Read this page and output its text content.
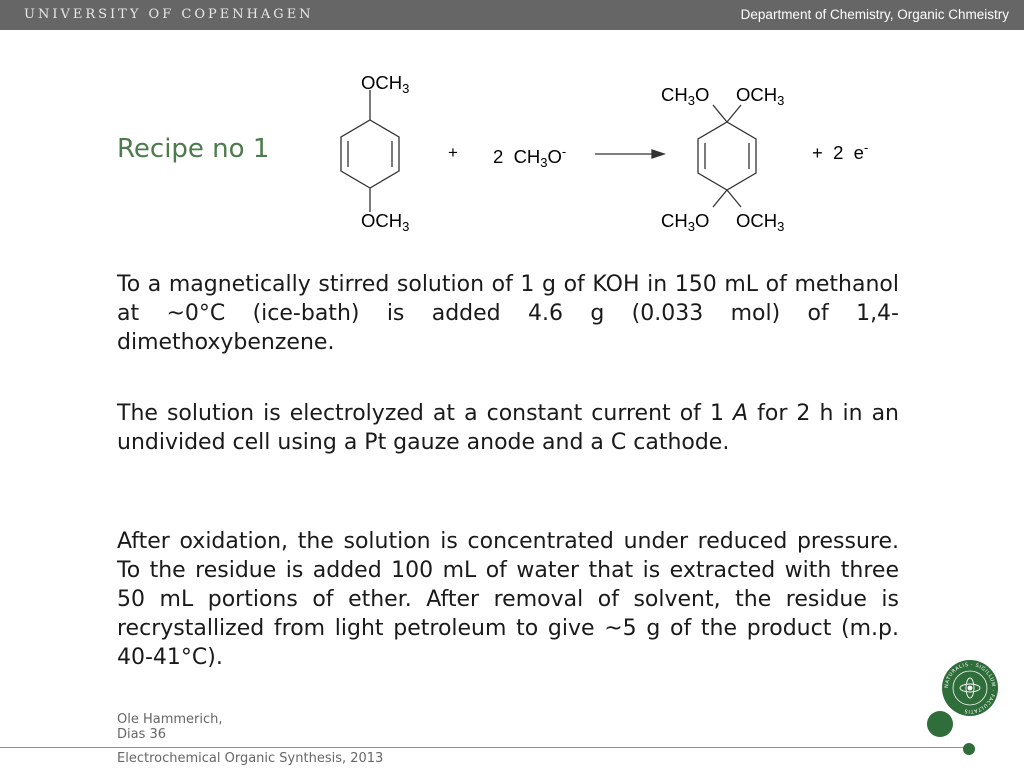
UNIVERSITY OF COPENHAGEN	Department of Chemistry, Organic Chmeistry
Recipe no 1
$OCH_3$
$OCH_3$
+ 2  $CH_3O^-$
$CH_3O$ $OCH_3$
$CH_3O$ $OCH_3$
+ 2 e-

To a magnetically stirred solution of 1 g of KOH in 150 mL of methanol at ~0°C (ice-bath) is added 4.6 g (0.033 mol) of 1,4-dimethoxybenzene.

The solution is electrolyzed at a constant current of 1 A for 2 h in an undivided cell using a Pt gauze anode and a C cathode.

After oxidation, the solution is concentrated under reduced pressure. To the residue is added 100 mL of water that is extracted with three 50 mL portions of ether. After removal of solvent, the residue is recrystallized from light petroleum to give ~5 g of the product (m.p. 40-41°C).

Ole Hammerich,
Dias 36
Electrochemical Organic Synthesis, 2013
NATURALIS · SIGILLUM · FACULTATIS
